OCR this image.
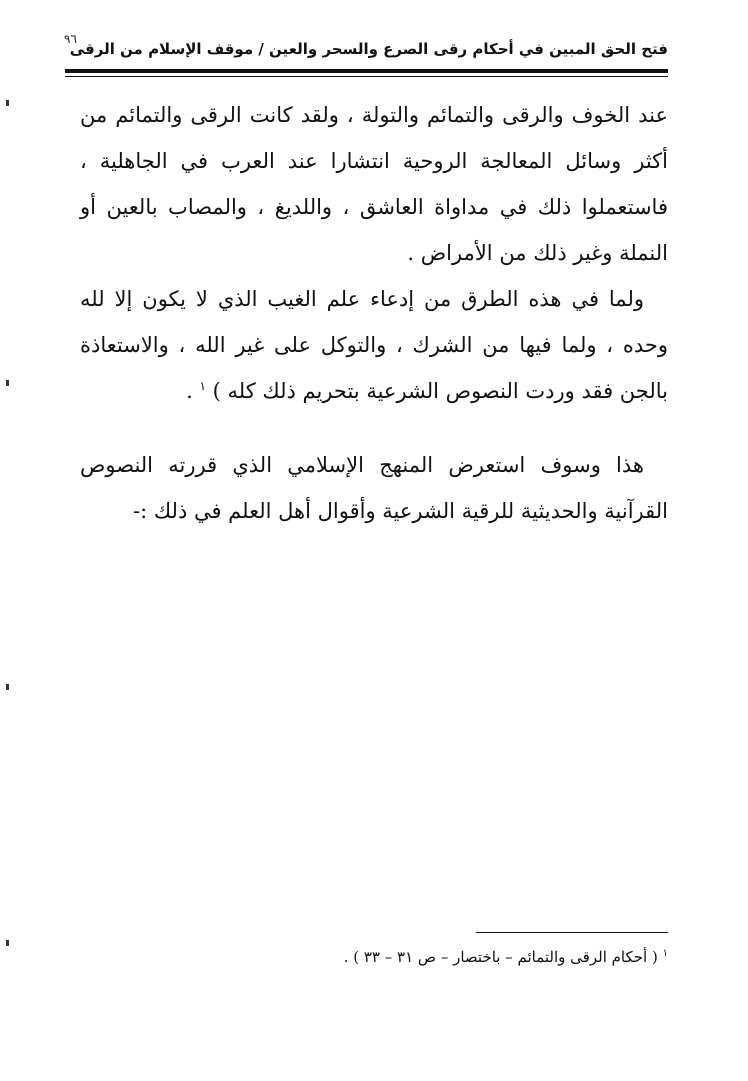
٩٦
فتح الحق المبين في أحكام رقى الصرع والسحر والعين / موقف الإسلام من الرقى

عند الخوف والرقى والتمائم والتولة ، ولقد كانت الرقى والتمائم من أكثر وسائل المعالجة الروحية انتشارا عند العرب في الجاهلية ، فاستعملوا ذلك في مداواة العاشق ، واللديغ ، والمصاب بالعين أو النملة وغير ذلك من الأمراض .

ولما في هذه الطرق من إدعاء علم الغيب الذي لا يكون إلا لله وحده ، ولما فيها من الشرك ، والتوكل على غير الله ، والاستعاذة بالجن فقد وردت النصوص الشرعية بتحريم ذلك كله ) $^١$ .

هذا وسوف استعرض المنهج الإسلامي الذي قررته النصوص القرآنية والحديثية للرقية الشرعية وأقوال أهل العلم في ذلك :-

$^١$ ( أحكام الرقى والتمائم – باختصار – ص ٣١ – ٣٣ ) .
